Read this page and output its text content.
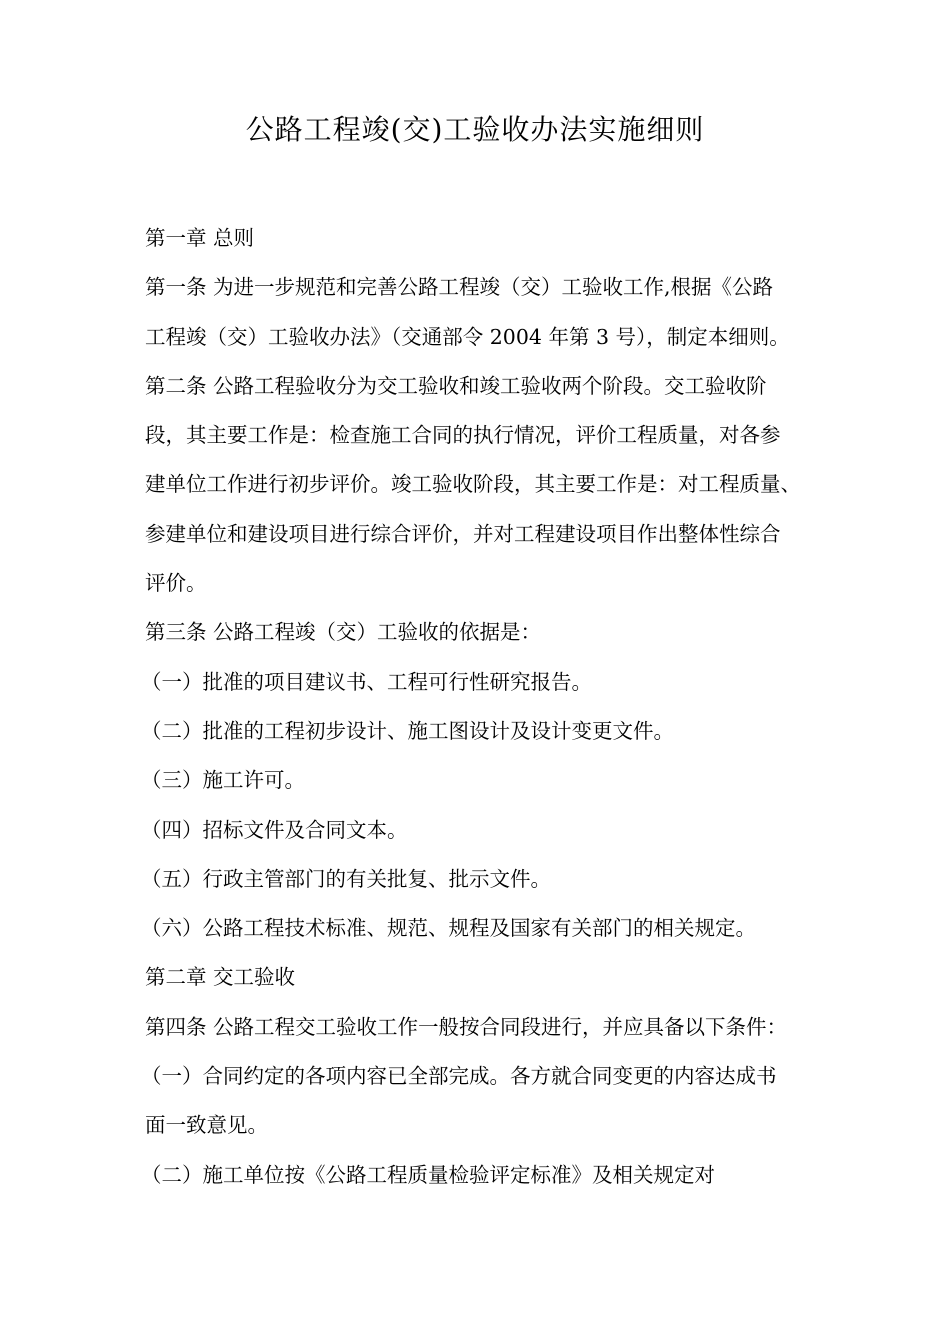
公路工程竣(交)工验收办法实施细则
第一章 总则
第一条 为进一步规范和完善公路工程竣（交）工验收工作,根据《公路
工程竣（交）工验收办法》（交通部令 2004 年第 3 号），制定本细则。
第二条 公路工程验收分为交工验收和竣工验收两个阶段。交工验收阶
段，其主要工作是：检查施工合同的执行情况，评价工程质量，对各参
建单位工作进行初步评价。竣工验收阶段，其主要工作是：对工程质量、
参建单位和建设项目进行综合评价，并对工程建设项目作出整体性综合
评价。
第三条 公路工程竣（交）工验收的依据是：
（一）批准的项目建议书、工程可行性研究报告。
（二）批准的工程初步设计、施工图设计及设计变更文件。
（三）施工许可。
（四）招标文件及合同文本。
（五）行政主管部门的有关批复、批示文件。
（六）公路工程技术标准、规范、规程及国家有关部门的相关规定。
第二章 交工验收
第四条 公路工程交工验收工作一般按合同段进行，并应具备以下条件：
（一）合同约定的各项内容已全部完成。各方就合同变更的内容达成书
面一致意见。
（二）施工单位按《公路工程质量检验评定标准》及相关规定对
